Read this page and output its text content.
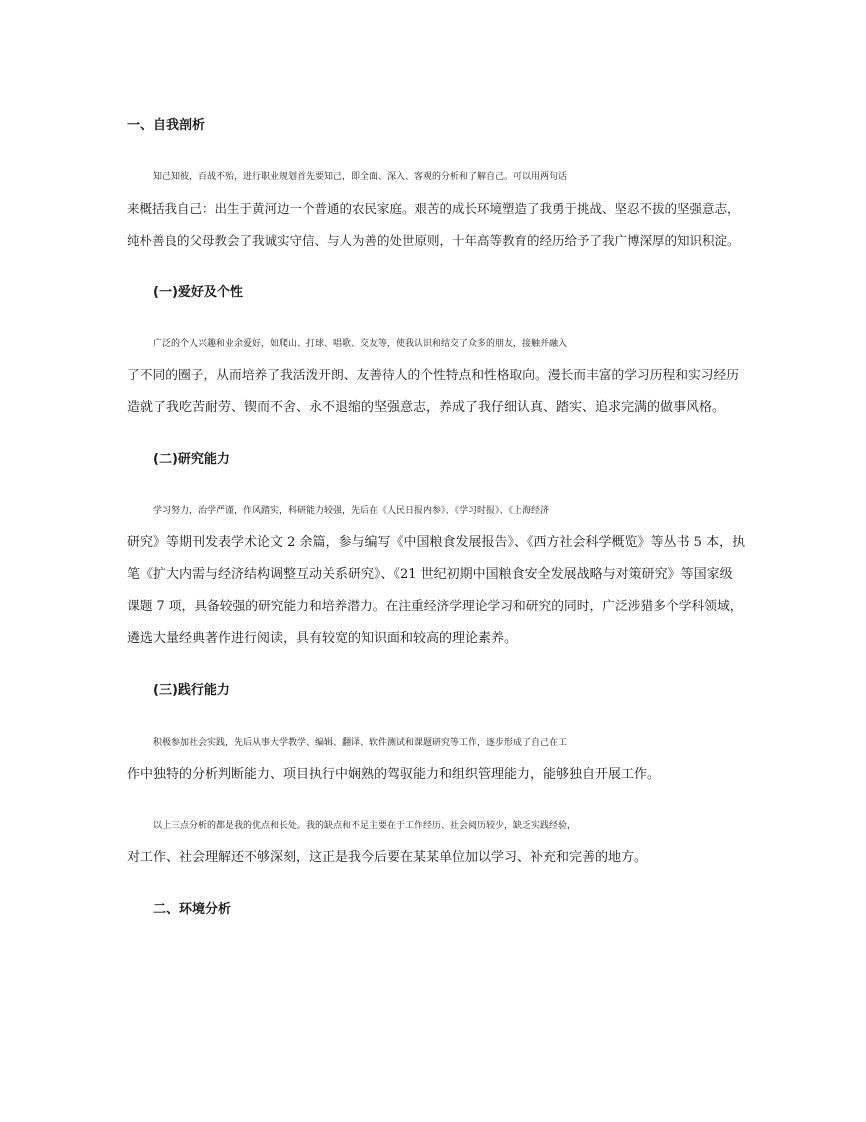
一、自我剖析

知己知彼，百战不殆，进行职业规划首先要知己，即全面、深入、客观的分析和了解自己。可以用两句话
来概括我自己：出生于黄河边一个普通的农民家庭。艰苦的成长环境塑造了我勇于挑战、坚忍不拔的坚强意志，
纯朴善良的父母教会了我诚实守信、与人为善的处世原则，十年高等教育的经历给予了我广博深厚的知识积淀。

(一)爱好及个性

广泛的个人兴趣和业余爱好，如爬山、打球、唱歌、交友等，使我认识和结交了众多的朋友，接触并融入
了不同的圈子，从而培养了我活泼开朗、友善待人的个性特点和性格取向。漫长而丰富的学习历程和实习经历
造就了我吃苦耐劳、锲而不舍、永不退缩的坚强意志，养成了我仔细认真、踏实、追求完满的做事风格。

(二)研究能力

学习努力，治学严谨，作风踏实，科研能力较强，先后在《人民日报内参》、《学习时报》、《上海经济
研究》等期刊发表学术论文 2 余篇，参与编写《中国粮食发展报告》、《西方社会科学概览》等丛书 5 本，执
笔《扩大内需与经济结构调整互动关系研究》、《21 世纪初期中国粮食安全发展战略与对策研究》等国家级
课题 7 项，具备较强的研究能力和培养潜力。在注重经济学理论学习和研究的同时，广泛涉猎多个学科领域，
遴选大量经典著作进行阅读，具有较宽的知识面和较高的理论素养。

(三)践行能力

积极参加社会实践，先后从事大学教学、编辑、翻译、软件测试和课题研究等工作，逐步形成了自己在工
作中独特的分析判断能力、项目执行中娴熟的驾驭能力和组织管理能力，能够独自开展工作。

以上三点分析的都是我的优点和长处。我的缺点和不足主要在于工作经历、社会阅历较少，缺乏实践经验，
对工作、社会理解还不够深刻，这正是我今后要在某某单位加以学习、补充和完善的地方。

二、环境分析
